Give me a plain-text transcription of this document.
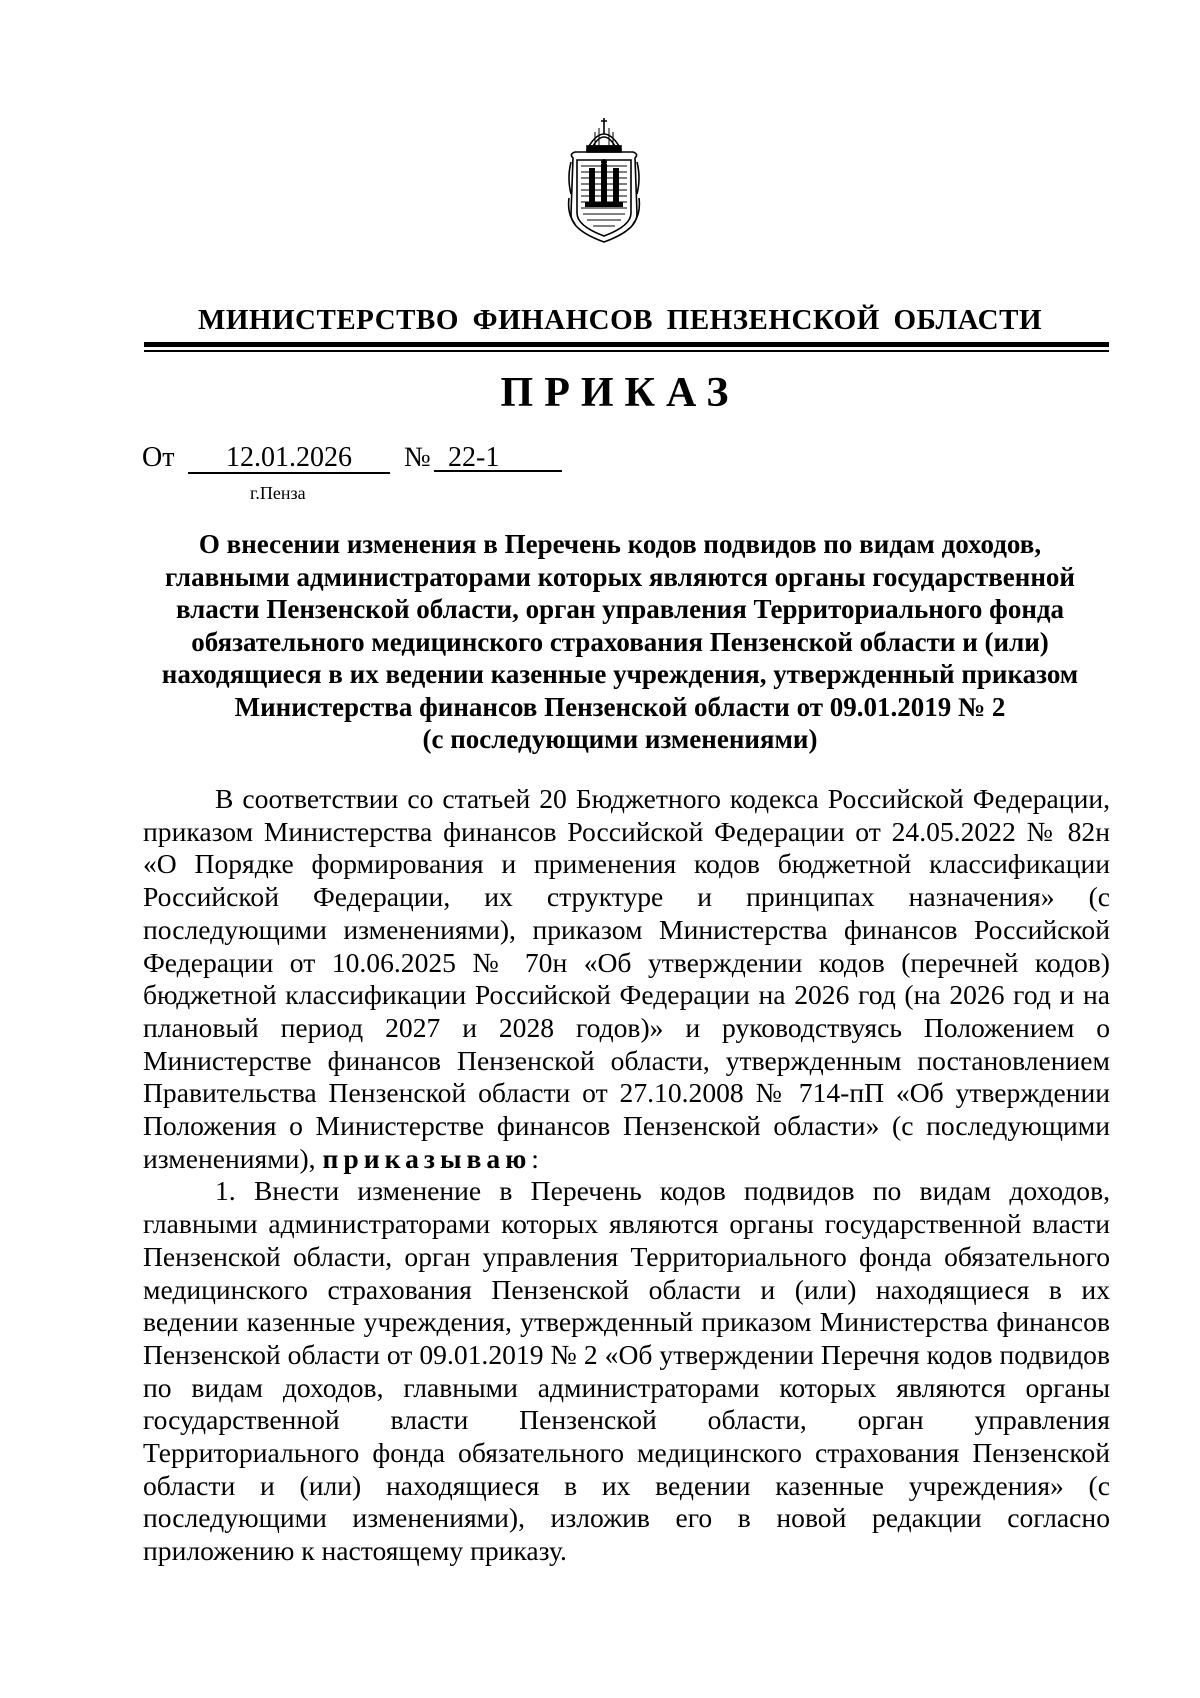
МИНИСТЕРСТВО ФИНАНСОВ ПЕНЗЕНСКОЙ ОБЛАСТИ
ПРИКАЗ
От	12.01.2026	№ 22-1
г.Пенза
О внесении изменения в Перечень кодов подвидов по видам доходов,
главными администраторами которых являются органы государственной
власти Пензенской области, орган управления Территориального фонда
обязательного медицинского страхования Пензенской области и (или)
находящиеся в их ведении казенные учреждения, утвержденный приказом
Министерства финансов Пензенской области от 09.01.2019 № 2
(с последующими изменениями)

В соответствии со статьей 20 Бюджетного кодекса Российской Федерации, приказом Министерства финансов Российской Федерации от 24.05.2022 № 82н «О Порядке формирования и применения кодов бюджетной классификации Российской Федерации, их структуре и принципах назначения» (с последующими изменениями), приказом Министерства финансов Российской Федерации от 10.06.2025 № 70н «Об утверждении кодов (перечней кодов) бюджетной классификации Российской Федерации на 2026 год (на 2026 год и на плановый период 2027 и 2028 годов)» и руководствуясь Положением о Министерстве финансов Пензенской области, утвержденным постановлением Правительства Пензенской области от 27.10.2008 № 714-пП «Об утверждении Положения о Министерстве финансов Пензенской области» (с последующими изменениями), приказываю:

1. Внести изменение в Перечень кодов подвидов по видам доходов, главными администраторами которых являются органы государственной власти Пензенской области, орган управления Территориального фонда обязательного медицинского страхования Пензенской области и (или) находящиеся в их ведении казенные учреждения, утвержденный приказом Министерства финансов Пензенской области от 09.01.2019 № 2 «Об утверждении Перечня кодов подвидов по видам доходов, главными администраторами которых являются органы государственной власти Пензенской области, орган управления Территориального фонда обязательного медицинского страхования Пензенской области и (или) находящиеся в их ведении казенные учреждения» (с последующими изменениями), изложив его в новой редакции согласно приложению к настоящему приказу.
